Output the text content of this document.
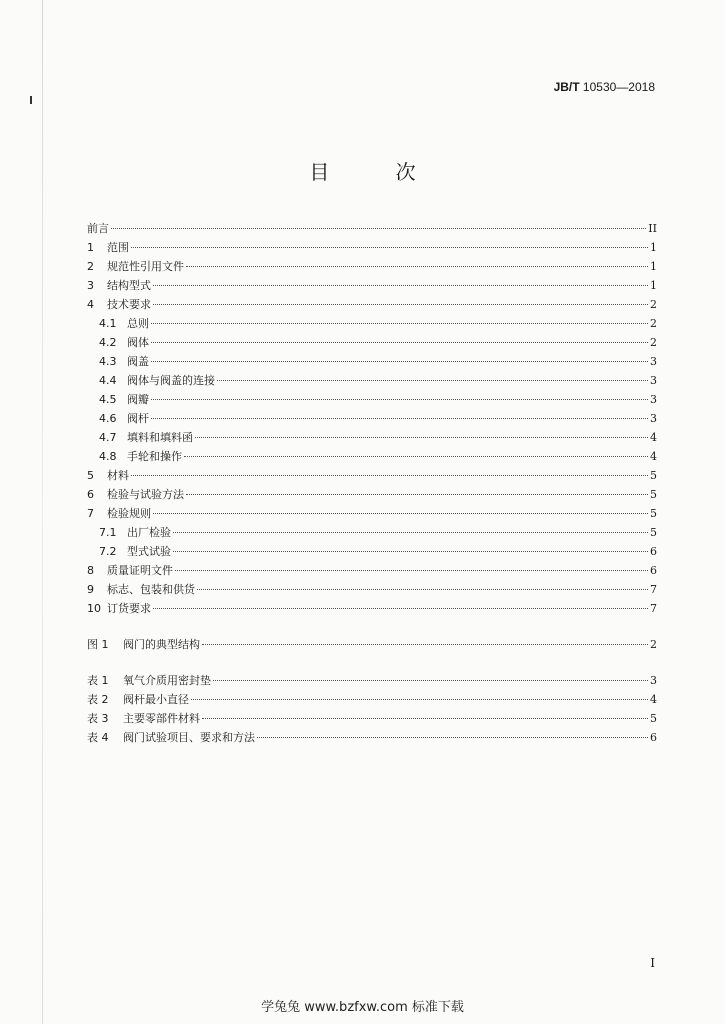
JB/T 10530—2018
目 次
前言	II
1	范围	1
2	规范性引用文件	1
3	结构型式	1
4	技术要求	2
4.1 总则	2
4.2 阀体	2
4.3 阀盖	3
4.4 阀体与阀盖的连接	3
4.5 阀瓣	3
4.6 阀杆	3
4.7 填料和填料函	4
4.8 手轮和操作	4
5	材料	5
6	检验与试验方法	5
7	检验规则	5
7.1 出厂检验	5
7.2 型式试验	6
8	质量证明文件	6
9	标志、包装和供货	7
10 订货要求	7
图 1	阀门的典型结构	2
表 1	氧气介质用密封垫	3
表 2	阀杆最小直径	4
表 3	主要零部件材料	5
表 4	阀门试验项目、要求和方法	6
I
学兔兔 www.bzfxw.com 标准下载
